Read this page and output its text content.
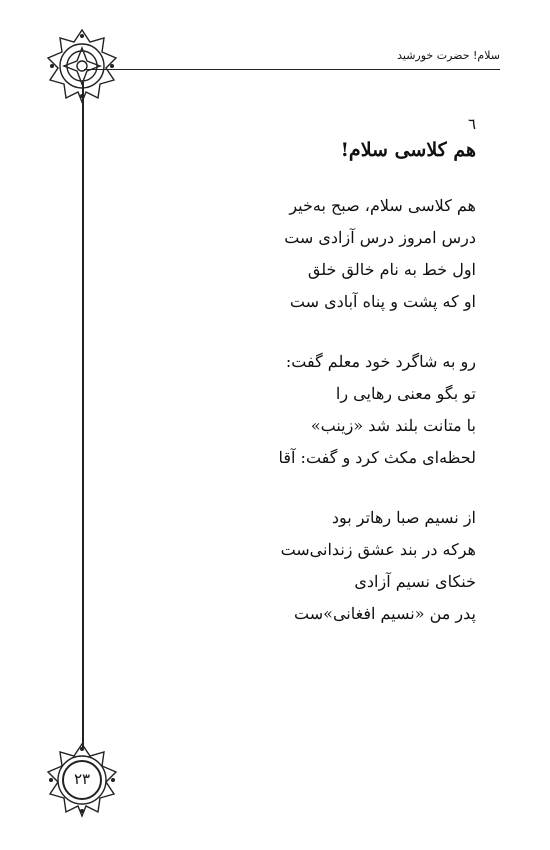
سلام! حضرت خورشید
۲۳
٦
هم کلاسی سلام!
هم کلاسی سلام، صبح به‌خیر
درس امروز درس آزادی ست
اول خط به نام خالق خلق
او که پشت و پناه آبادی ست
رو به شاگرد خود معلم گفت:
تو بگو معنی رهایی را
با متانت بلند شد «زینب»
لحظه‌ای مکث کرد و گفت: آقا
از نسیم صبا رهاتر بود
هرکه در بند عشق زندانی‌ست
خنکای نسیم آزادی
پدر من «نسیم افغانی»ست
